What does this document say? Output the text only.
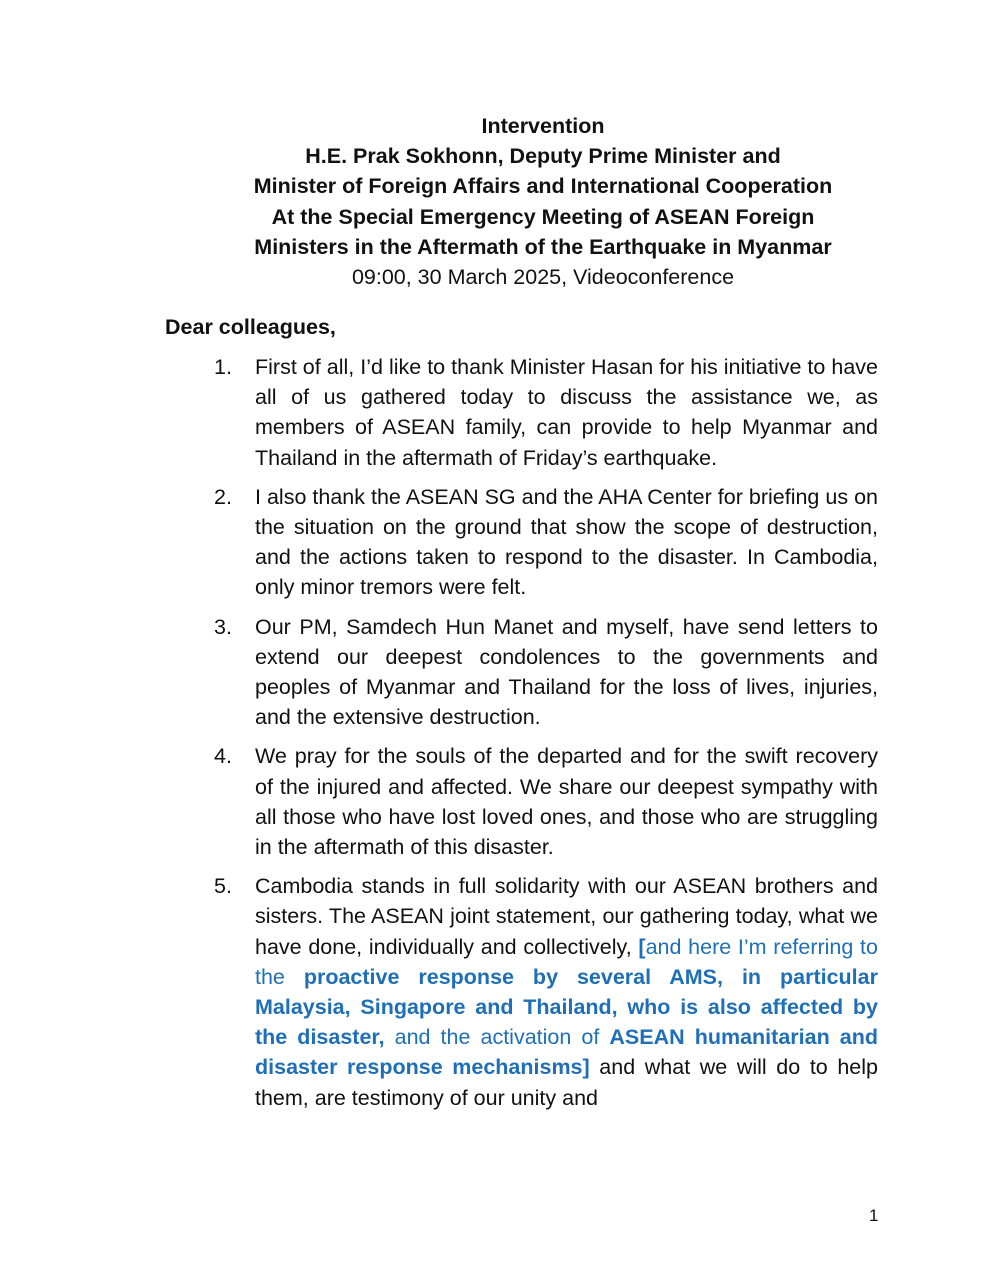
Intervention
H.E. Prak Sokhonn, Deputy Prime Minister and
Minister of Foreign Affairs and International Cooperation
At the Special Emergency Meeting of ASEAN Foreign
Ministers in the Aftermath of the Earthquake in Myanmar
09:00, 30 March 2025, Videoconference
Dear colleagues,
1. First of all, I’d like to thank Minister Hasan for his initiative to have all of us gathered today to discuss the assistance we, as members of ASEAN family, can provide to help Myanmar and Thailand in the aftermath of Friday’s earthquake.
2. I also thank the ASEAN SG and the AHA Center for briefing us on the situation on the ground that show the scope of destruction, and the actions taken to respond to the disaster. In Cambodia, only minor tremors were felt.
3. Our PM, Samdech Hun Manet and myself, have send letters to extend our deepest condolences to the governments and peoples of Myanmar and Thailand for the loss of lives, injuries, and the extensive destruction.
4. We pray for the souls of the departed and for the swift recovery of the injured and affected. We share our deepest sympathy with all those who have lost loved ones, and those who are struggling in the aftermath of this disaster.
5. Cambodia stands in full solidarity with our ASEAN brothers and sisters. The ASEAN joint statement, our gathering today, what we have done, individually and collectively, [and here I’m referring to the proactive response by several AMS, in particular Malaysia, Singapore and Thailand, who is also affected by the disaster, and the activation of ASEAN humanitarian and disaster response mechanisms] and what we will do to help them, are testimony of our unity and
1
